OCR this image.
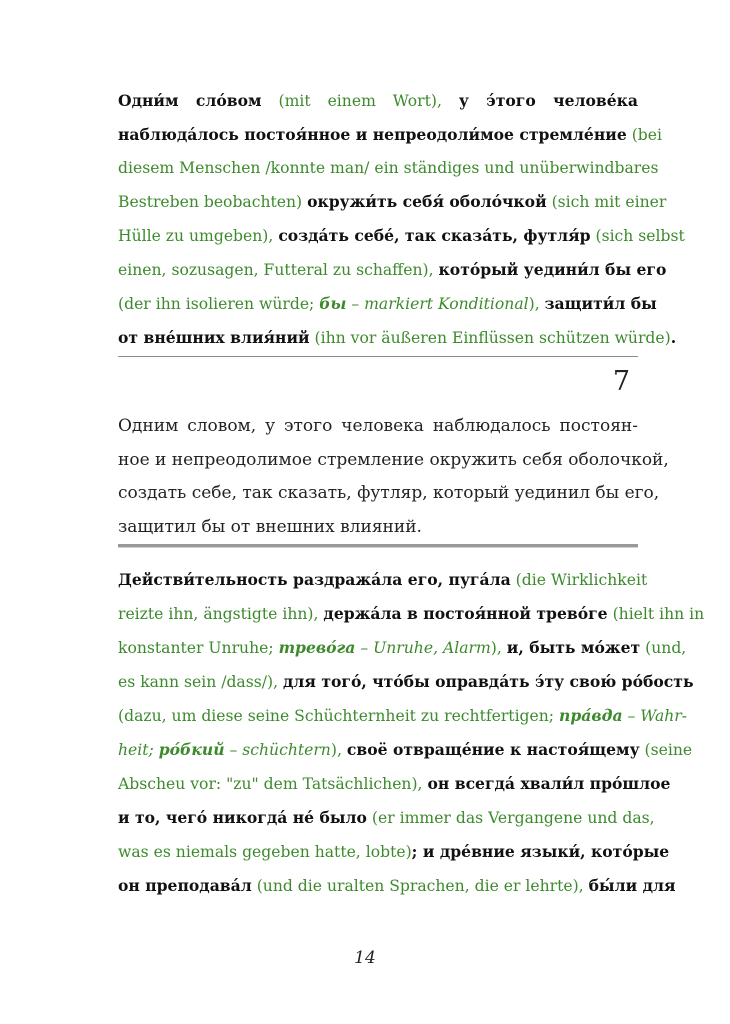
Одни́м сло́вом (mit einem Wort), у э́того челове́ка
наблюда́лось постоя́нное и непреодоли́мое стремле́ние (bei
diesem Menschen /konnte man/ ein ständiges und unüberwindbares
Bestreben beobachten) окружи́ть себя́ оболо́чкой (sich mit einer
Hülle zu umgeben), созда́ть себе́, так сказа́ть, футля́р (sich selbst
einen, sozusagen, Futteral zu schaffen), кото́рый уедини́л бы его
(der ihn isolieren würde; бы – markiert Konditional), защити́л бы
от вне́шних влия́ний (ihn vor äußeren Einflüssen schützen würde).
7
Одним словом, у этого человека наблюдалось постоян-
ное и непреодолимое стремление окружить себя оболочкой,
создать себе, так сказать, футляр, который уединил бы его,
защитил бы от внешних влияний.
Действи́тельность раздража́ла его, пуга́ла (die Wirklichkeit
reizte ihn, ängstigte ihn), держа́ла в постоя́нной трево́ге (hielt ihn in
konstanter Unruhe; трево́га – Unruhe, Alarm), и, быть мо́жет (und,
es kann sein /dass/), для того́, что́бы оправда́ть э́ту свою́ ро́бость
(dazu, um diese seine Schüchternheit zu rechtfertigen; пра́вда – Wahr-
heit; ро́бкий – schüchtern), своё отвраще́ние к настоя́щему (seine
Abscheu vor: "zu" dem Tatsächlichen), он всегда́ хвали́л про́шлое
и то, чего́ никогда́ не́ было (er immer das Vergangene und das,
was es niemals gegeben hatte, lobte); и дре́вние языки́, кото́рые
он преподава́л (und die uralten Sprachen, die er lehrte), бы́ли для
14
